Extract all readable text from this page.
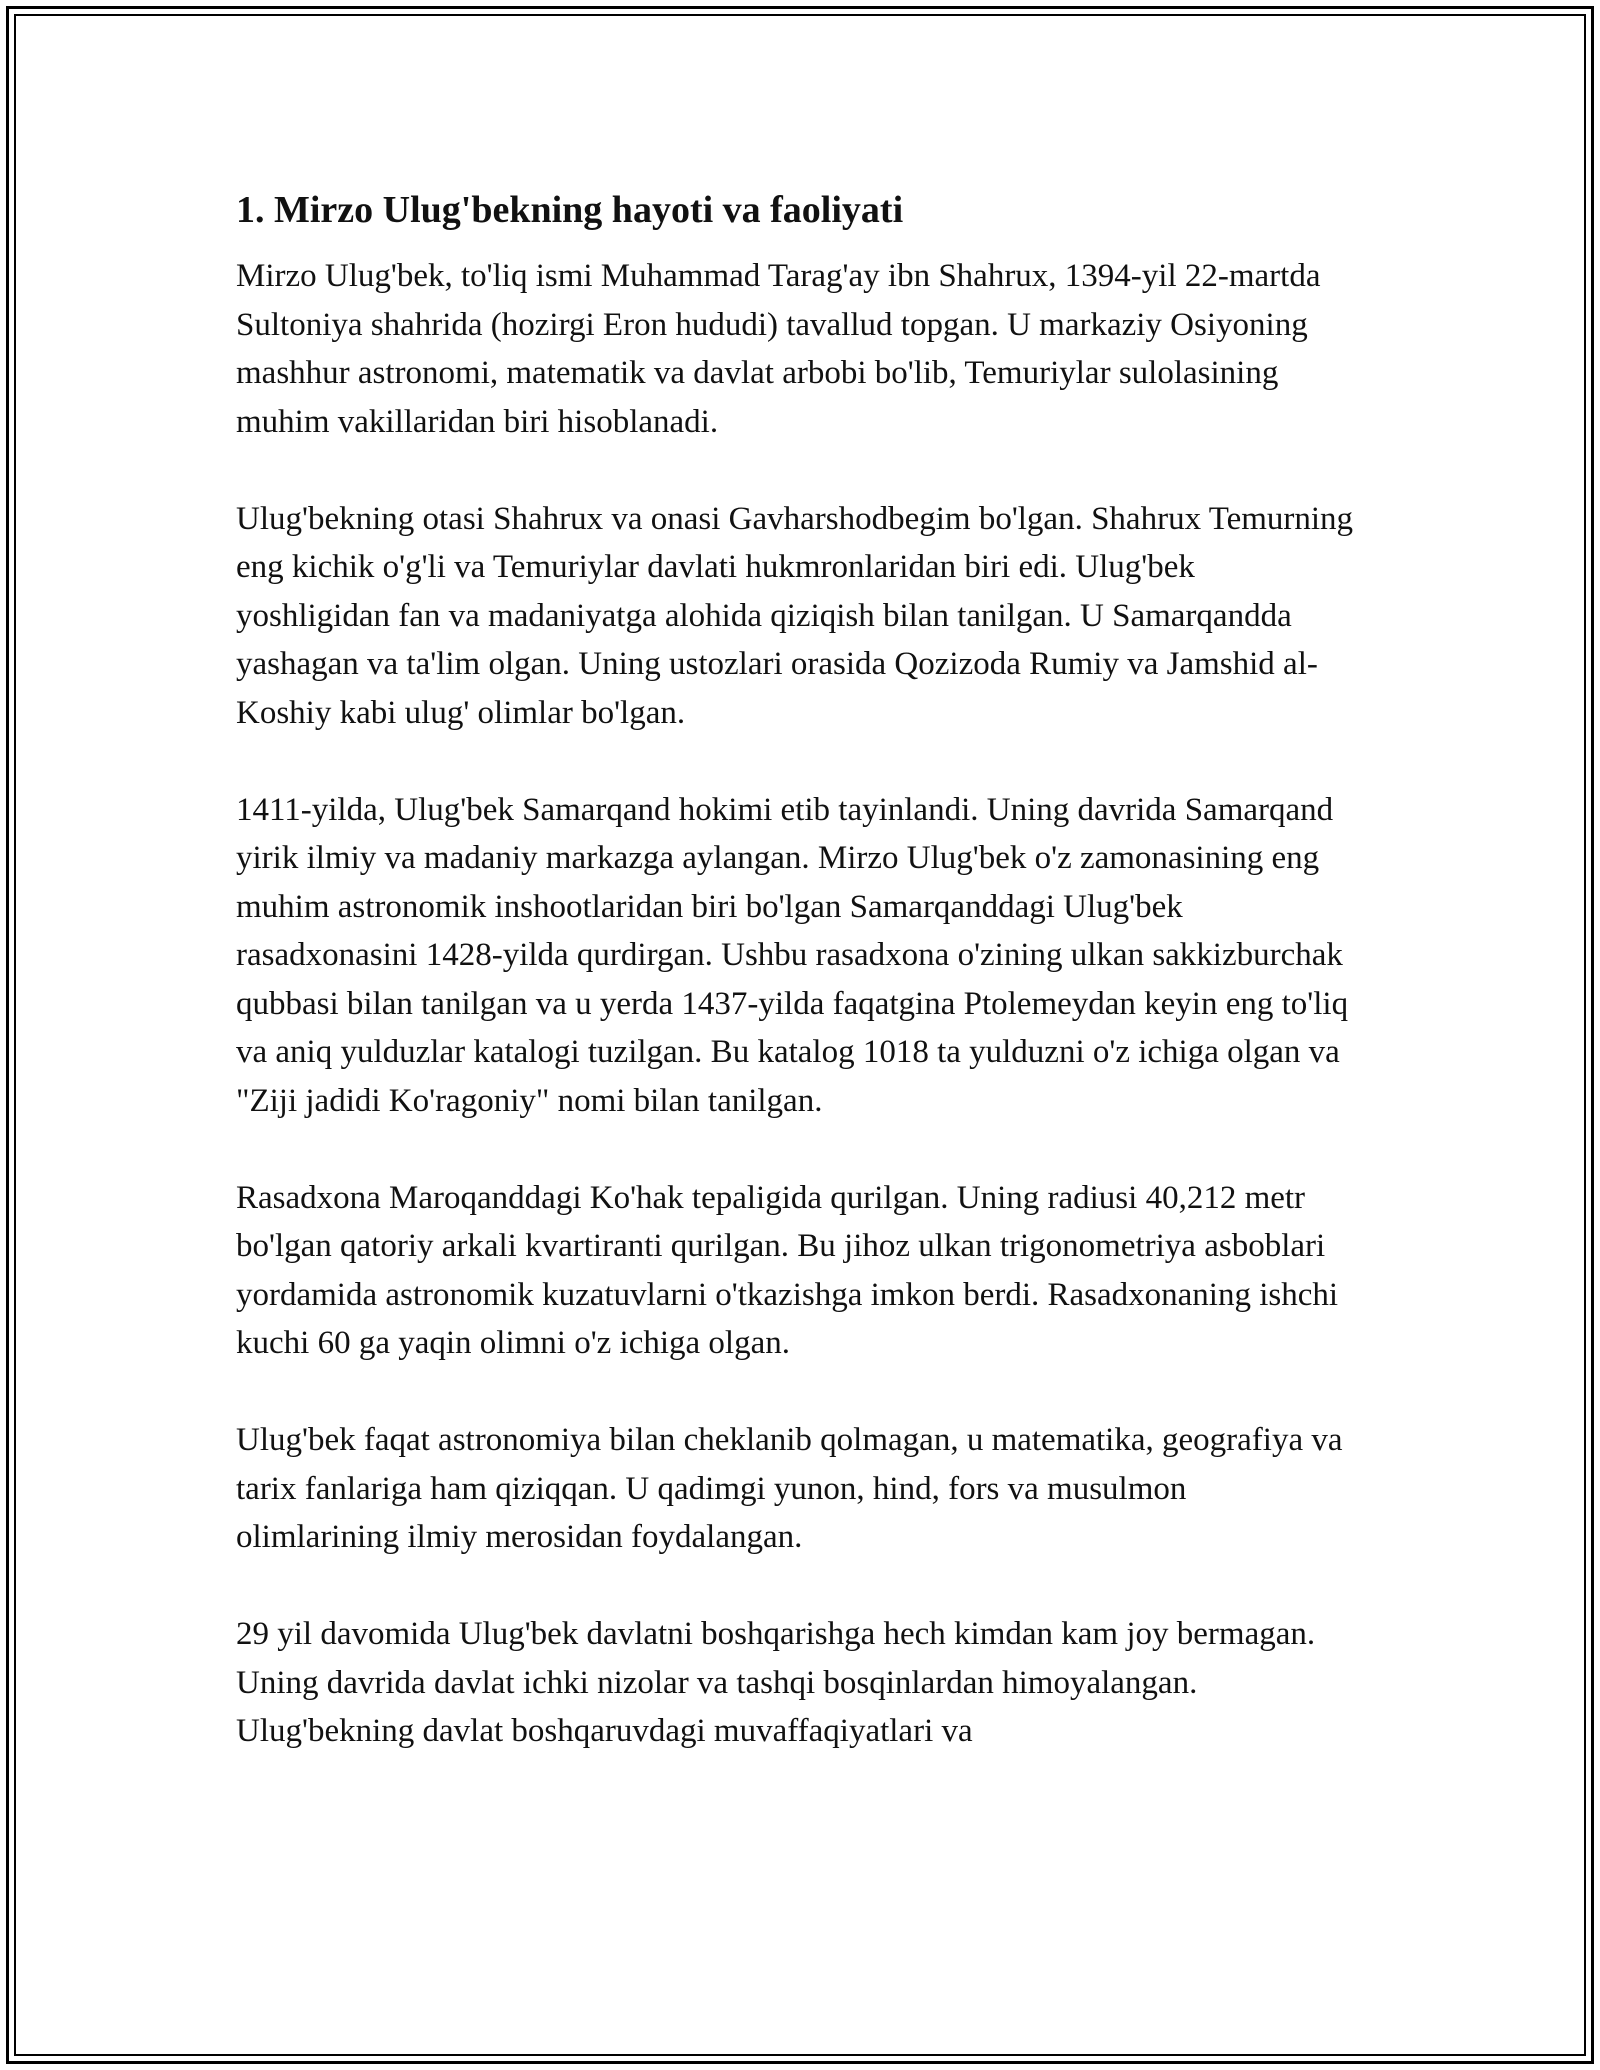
1. Mirzo Ulug'bekning hayoti va faoliyati

Mirzo Ulug'bek, to'liq ismi Muhammad Tarag'ay ibn Shahrux, 1394-yil 22-martda Sultoniya shahrida (hozirgi Eron hududi) tavallud topgan. U markaziy Osiyoning mashhur astronomi, matematik va davlat arbobi bo'lib, Temuriylar sulolasining muhim vakillaridan biri hisoblanadi.

Ulug'bekning otasi Shahrux va onasi Gavharshodbegim bo'lgan. Shahrux Temurning eng kichik o'g'li va Temuriylar davlati hukmronlaridan biri edi. Ulug'bek yoshligidan fan va madaniyatga alohida qiziqish bilan tanilgan. U Samarqandda yashagan va ta'lim olgan. Uning ustozlari orasida Qozizoda Rumiy va Jamshid al-Koshiy kabi ulug' olimlar bo'lgan.

1411-yilda, Ulug'bek Samarqand hokimi etib tayinlandi. Uning davrida Samarqand yirik ilmiy va madaniy markazga aylangan. Mirzo Ulug'bek o'z zamonasining eng muhim astronomik inshootlaridan biri bo'lgan Samarqanddagi Ulug'bek rasadxonasini 1428-yilda qurdirgan. Ushbu rasadxona o'zining ulkan sakkizburchak qubbasi bilan tanilgan va u yerda 1437-yilda faqatgina Ptolemeydan keyin eng to'liq va aniq yulduzlar katalogi tuzilgan. Bu katalog 1018 ta yulduzni o'z ichiga olgan va "Ziji jadidi Ko'ragoniy" nomi bilan tanilgan.

Rasadxona Maroqanddagi Ko'hak tepaligida qurilgan. Uning radiusi 40,212 metr bo'lgan qatoriy arkali kvartiranti qurilgan. Bu jihoz ulkan trigonometriya asboblari yordamida astronomik kuzatuvlarni o'tkazishga imkon berdi. Rasadxonaning ishchi kuchi 60 ga yaqin olimni o'z ichiga olgan.

Ulug'bek faqat astronomiya bilan cheklanib qolmagan, u matematika, geografiya va tarix fanlariga ham qiziqqan. U qadimgi yunon, hind, fors va musulmon olimlarining ilmiy merosidan foydalangan.

29 yil davomida Ulug'bek davlatni boshqarishga hech kimdan kam joy bermagan. Uning davrida davlat ichki nizolar va tashqi bosqinlardan himoyalangan. Ulug'bekning davlat boshqaruvdagi muvaffaqiyatlari va
